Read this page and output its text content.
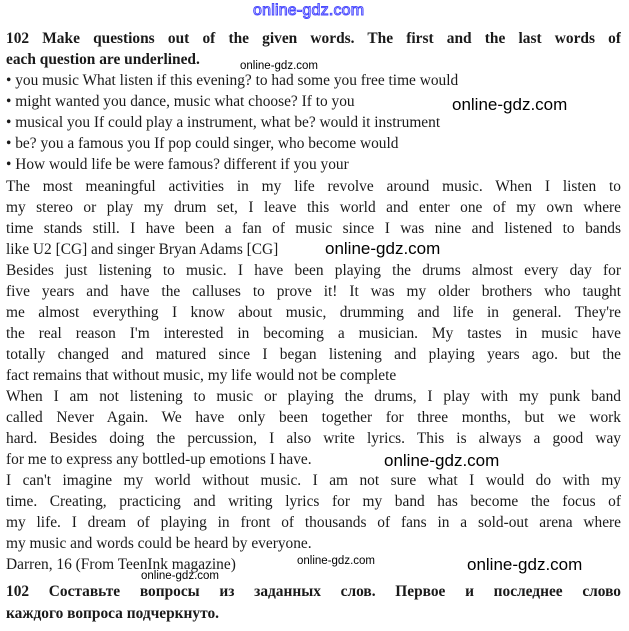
online-gdz.com
102 Make questions out of the given words. The first and the last words of
each question are underlined.
• you music What listen if this evening? to had some you free time would
• might wanted you dance, music what choose? If to you
• musical you If could play a instrument, what be? would it instrument
• be? you a famous you If pop could singer, who become would
• How would life be were famous? different if you your
The most meaningful activities in my life revolve around music. When I listen to
my stereo or play my drum set, I leave this world and enter one of my own where
time stands still. I have been a fan of music since I was nine and listened to bands
like U2 [CG] and singer Bryan Adams [CG]
Besides just listening to music. I have been playing the drums almost every day for
five years and have the calluses to prove it! It was my older brothers who taught
me almost everything I know about music, drumming and life in general. They're
the real reason I'm interested in becoming a musician. My tastes in music have
totally changed and matured since I began listening and playing years ago. but the
fact remains that without music, my life would not be complete
When I am not listening to music or playing the drums, I play with my punk band
called Never Again. We have only been together for three months, but we work
hard. Besides doing the percussion, I also write lyrics. This is always a good way
for me to express any bottled-up emotions I have.
I can't imagine my world without music. I am not sure what I would do with my
time. Creating, practicing and writing lyrics for my band has become the focus of
my life. I dream of playing in front of thousands of fans in a sold-out arena where
my music and words could be heard by everyone.
Darren, 16 (From TeenInk magazine)
102 Составьте вопросы из заданных слов. Первое и последнее слово
каждого вопроса подчеркнуто.
online-gdz.com
online-gdz.com
online-gdz.com
online-gdz.com
online-gdz.com	online-gdz.com
online-gdz.com
